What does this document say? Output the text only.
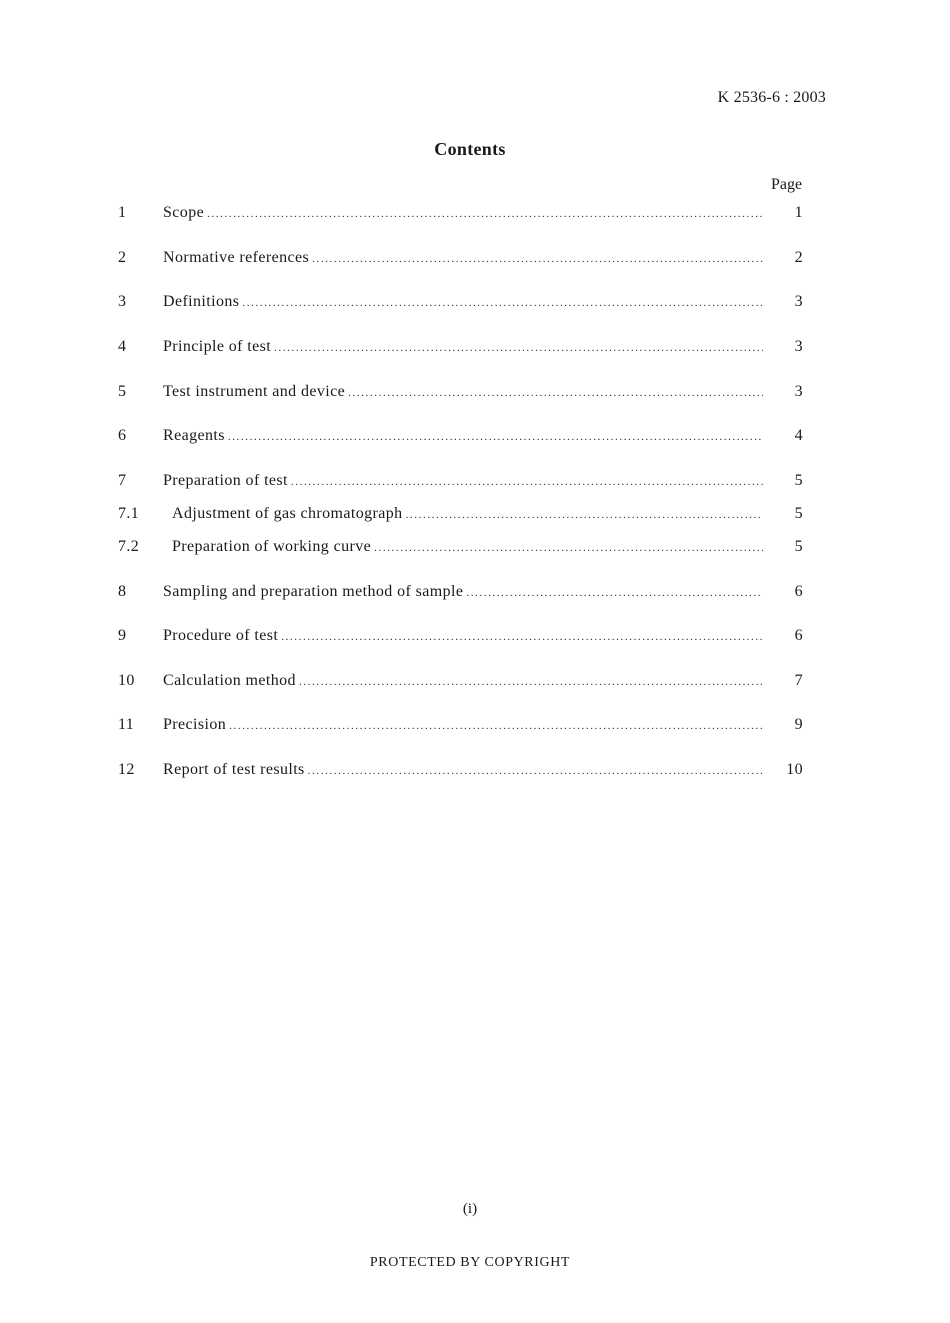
K 2536-6 : 2003
Contents
Page
1 Scope .....	1
2 Normative references .....	2
3 Definitions .....	3
4 Principle of test .....	3
5 Test instrument and device .....	3
6 Reagents .....	4
7 Preparation of test .....	5
7.1 Adjustment of gas chromatograph .....	5
7.2 Preparation of working curve .....	5
8 Sampling and preparation method of sample .....	6
9 Procedure of test .....	6
10 Calculation method .....	7
11 Precision .....	9
12 Report of test results .....	10
(i)
PROTECTED BY COPYRIGHT
